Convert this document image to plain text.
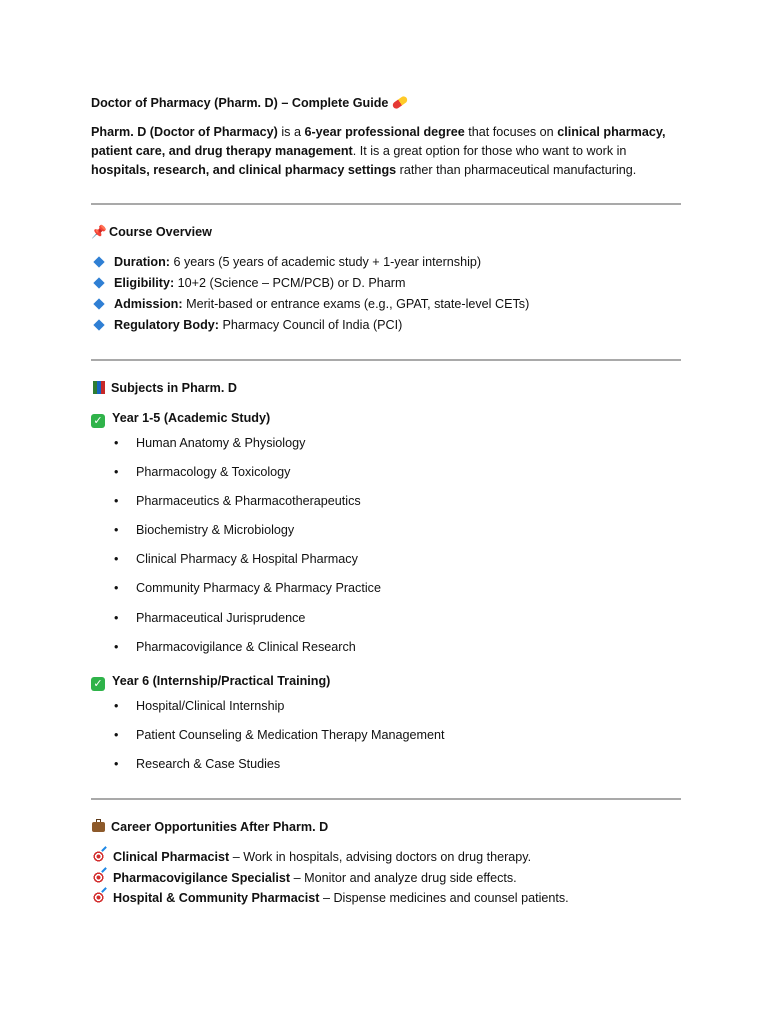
Doctor of Pharmacy (Pharm. D) – Complete Guide

Pharm. D (Doctor of Pharmacy) is a 6-year professional degree that focuses on clinical pharmacy, patient care, and drug therapy management. It is a great option for those who want to work in hospitals, research, and clinical pharmacy settings rather than pharmaceutical manufacturing.

📌 Course Overview
Duration: 6 years (5 years of academic study + 1-year internship)
Eligibility: 10+2 (Science – PCM/PCB) or D. Pharm
Admission: Merit-based or entrance exams (e.g., GPAT, state-level CETs)
Regulatory Body: Pharmacy Council of India (PCI)
Subjects in Pharm. D
✓ Year 1-5 (Academic Study)
• Human Anatomy & Physiology
• Pharmacology & Toxicology
• Pharmaceutics & Pharmacotherapeutics
• Biochemistry & Microbiology
• Clinical Pharmacy & Hospital Pharmacy
• Community Pharmacy & Pharmacy Practice
• Pharmaceutical Jurisprudence
• Pharmacovigilance & Clinical Research
✓ Year 6 (Internship/Practical Training)
• Hospital/Clinical Internship
• Patient Counseling & Medication Therapy Management
• Research & Case Studies
Career Opportunities After Pharm. D
Clinical Pharmacist – Work in hospitals, advising doctors on drug therapy.
Pharmacovigilance Specialist – Monitor and analyze drug side effects.
Hospital & Community Pharmacist – Dispense medicines and counsel patients.
